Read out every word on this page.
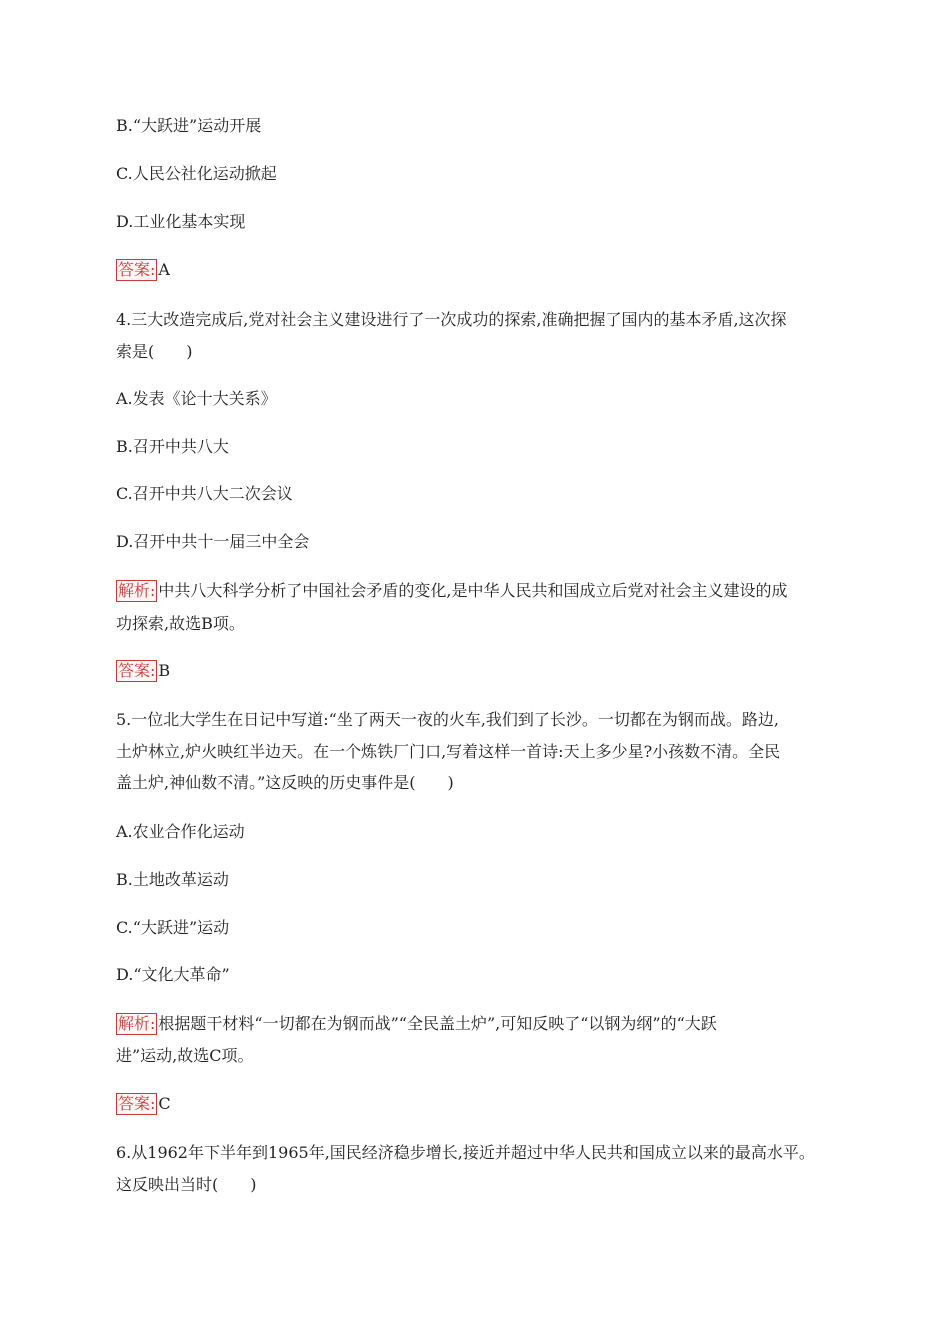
B.“大跃进”运动开展
C.人民公社化运动掀起
D.工业化基本实现
答案: A
4.三大改造完成后,党对社会主义建设进行了一次成功的探索,准确把握了国内的基本矛盾,这次探
索是(　　)
A.发表《论十大关系》
B.召开中共八大
C.召开中共八大二次会议
D.召开中共十一届三中全会
解析: 中共八大科学分析了中国社会矛盾的变化,是中华人民共和国成立后党对社会主义建设的成
功探索,故选B项。
答案: B
5.一位北大学生在日记中写道:“坐了两天一夜的火车,我们到了长沙。一切都在为钢而战。路边,
土炉林立,炉火映红半边天。在一个炼铁厂门口,写着这样一首诗:天上多少星?小孩数不清。全民
盖土炉,神仙数不清。”这反映的历史事件是(　　)
A.农业合作化运动
B.土地改革运动
C.“大跃进”运动
D.“文化大革命”
解析: 根据题干材料“一切都在为钢而战”“全民盖土炉”,可知反映了“以钢为纲”的“大跃
进”运动,故选C项。
答案: C
6.从1962年下半年到1965年,国民经济稳步增长,接近并超过中华人民共和国成立以来的最高水平。
这反映出当时(　　)
